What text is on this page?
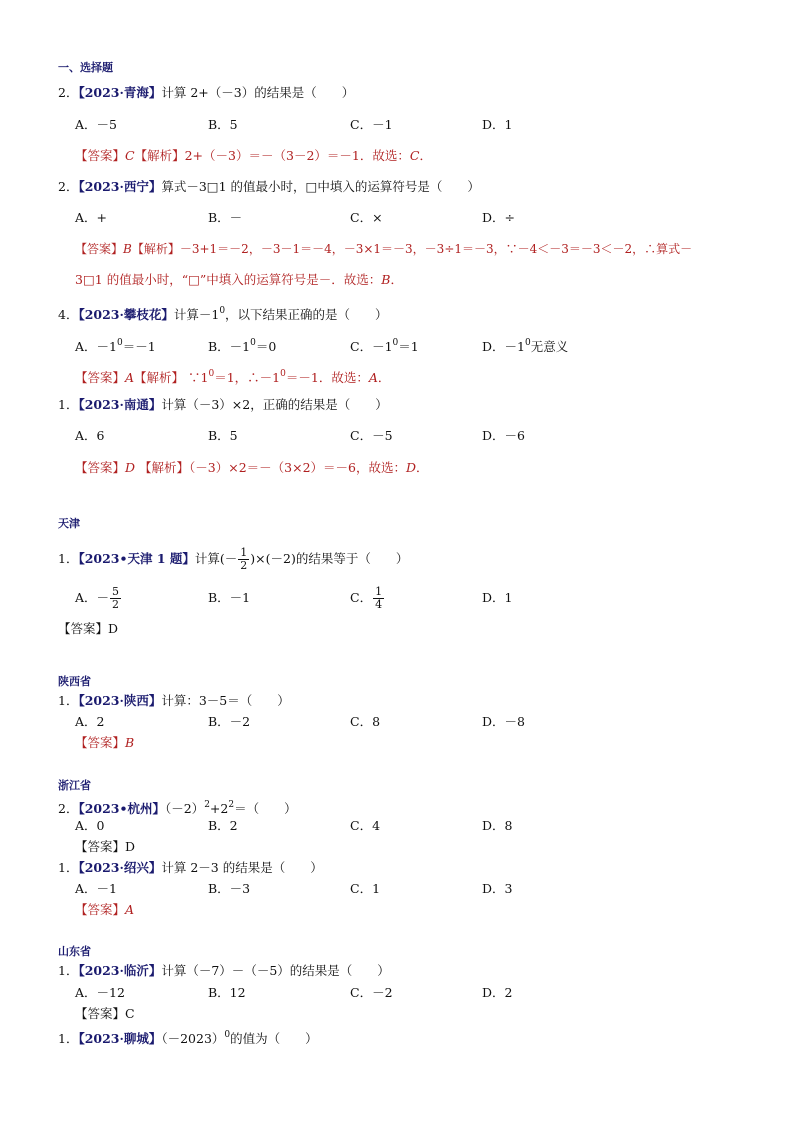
一、选择题
2．【2023·青海】计算 2+（－3）的结果是（　　）
A．－5	B．5	C．－1	D．1
【答案】C【解析】2+（－3）＝－（3－2）＝－1．故选：C．
2．【2023·西宁】算式－3□1 的值最小时，□中填入的运算符号是（　　）
A．+	B．－	C．×	D．÷
【答案】B【解析】－3+1＝－2，－3－1＝－4，－3×1＝－3，－3÷1＝－3，∵－4＜－3＝－3＜－2，∴算式－
3□1 的值最小时，“□”中填入的运算符号是－．故选：B．
4．【2023·攀枝花】计算$-1^0$，以下结果正确的是（　　）
A．$-1^0=-1$	B．$-1^0=0$	C．$-1^0=1$	D．$-1^0$无意义
【答案】A【解析】 $\because 1^0=1$，$\therefore-1^0=-1$．故选：A．
1．【2023·南通】计算（－3）×2，正确的结果是（　　）
A．6	B．5	C．－5	D．－6
【答案】D 【解析】（－3）×2＝－（3×2）＝－6，故选：D．
天津
1．【2023•天津 1 题】计算(－ $\frac{1}{2} )\times(-2)$的结果等于（　　）
A．－ $\frac{5}{2}$	B．－1	C． $\frac{1}{4}$	D．1
【答案】D
陕西省
1．【2023·陕西】计算：3－5＝（　　）
A．2	B．－2	C．8	D．－8
【答案】B
浙江省
2．【2023•杭州】$(-2)^2+2^2=$（　　）
A．0	B．2	C．4	D．8
【答案】D
1．【2023·绍兴】计算 2－3 的结果是（　　）
A．－1	B．－3	C．1	D．3
【答案】A
山东省
1．【2023·临沂】计算（－7）－（－5）的结果是（　　）
A．－12	B．12	C．－2	D．2
【答案】C
1．【2023·聊城】$(-2023)^0$的值为（　　）
